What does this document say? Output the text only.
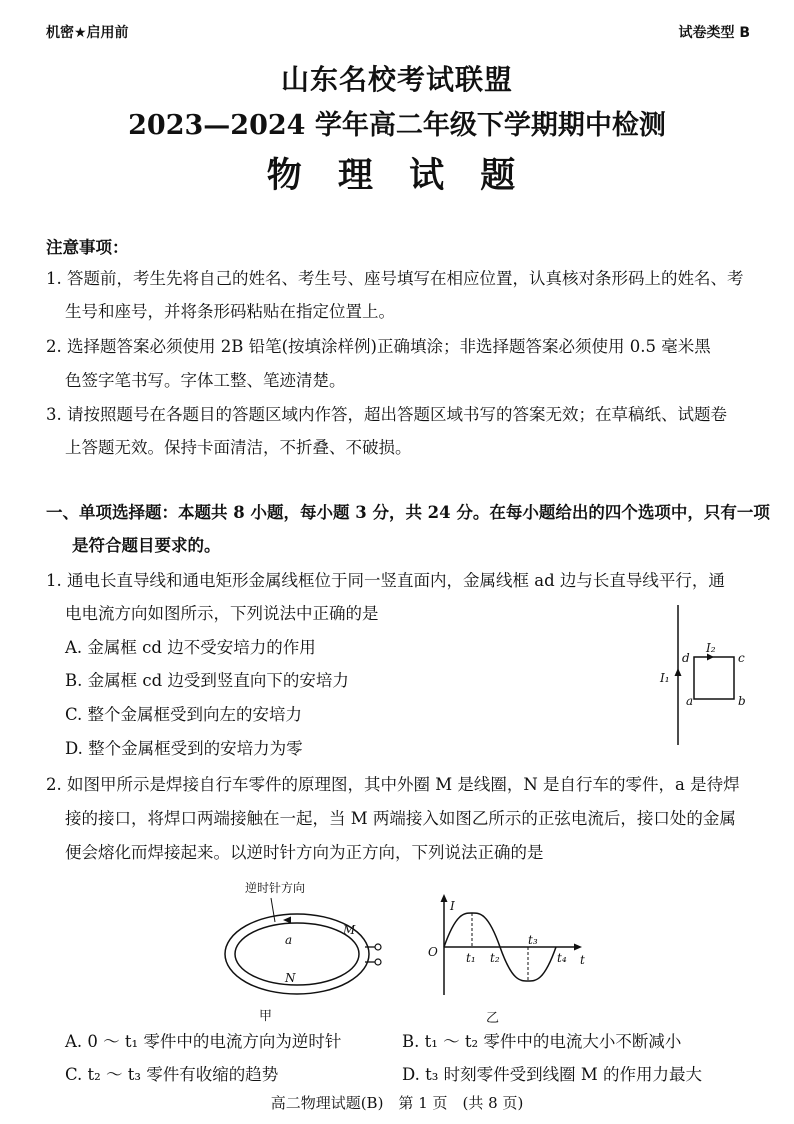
机密★启用前	试卷类型 B
山东名校考试联盟
2023—2024 学年高二年级下学期期中检测
物 理 试 题
注意事项：
1. 答题前，考生先将自己的姓名、考生号、座号填写在相应位置，认真核对条形码上的姓名、考
生号和座号，并将条形码粘贴在指定位置上。
2. 选择题答案必须使用 2B 铅笔(按填涂样例)正确填涂；非选择题答案必须使用 0.5 毫米黑
色签字笔书写。字体工整、笔迹清楚。
3. 请按照题号在各题目的答题区域内作答，超出答题区域书写的答案无效；在草稿纸、试题卷
上答题无效。保持卡面清洁，不折叠、不破损。
一、单项选择题：本题共 8 小题，每小题 3 分，共 24 分。在每小题给出的四个选项中，只有一项
是符合题目要求的。
1. 通电长直导线和通电矩形金属线框位于同一竖直面内，金属线框 ad 边与长直导线平行，通
电电流方向如图所示，下列说法中正确的是
A. 金属框 cd 边不受安培力的作用
B. 金属框 cd 边受到竖直向下的安培力
C. 整个金属框受到向左的安培力
D. 整个金属框受到的安培力为零
I₁
I₂
d	c
a	b
2. 如图甲所示是焊接自行车零件的原理图，其中外圈 M 是线圈，N 是自行车的零件，a 是待焊
接的接口，将焊口两端接触在一起，当 M 两端接入如图乙所示的正弦电流后，接口处的金属
便会熔化而焊接起来。以逆时针方向为正方向，下列说法正确的是
逆时针方向
M
a
N
甲
I
O
t
t₁ t₂
t₃
t₄
乙
A. 0 ～ t₁ 零件中的电流方向为逆时针	B. t₁ ～ t₂ 零件中的电流大小不断减小
C. t₂ ～ t₃ 零件有收缩的趋势	D. t₃ 时刻零件受到线圈 M 的作用力最大
高二物理试题(B)　第 1 页　(共 8 页)
